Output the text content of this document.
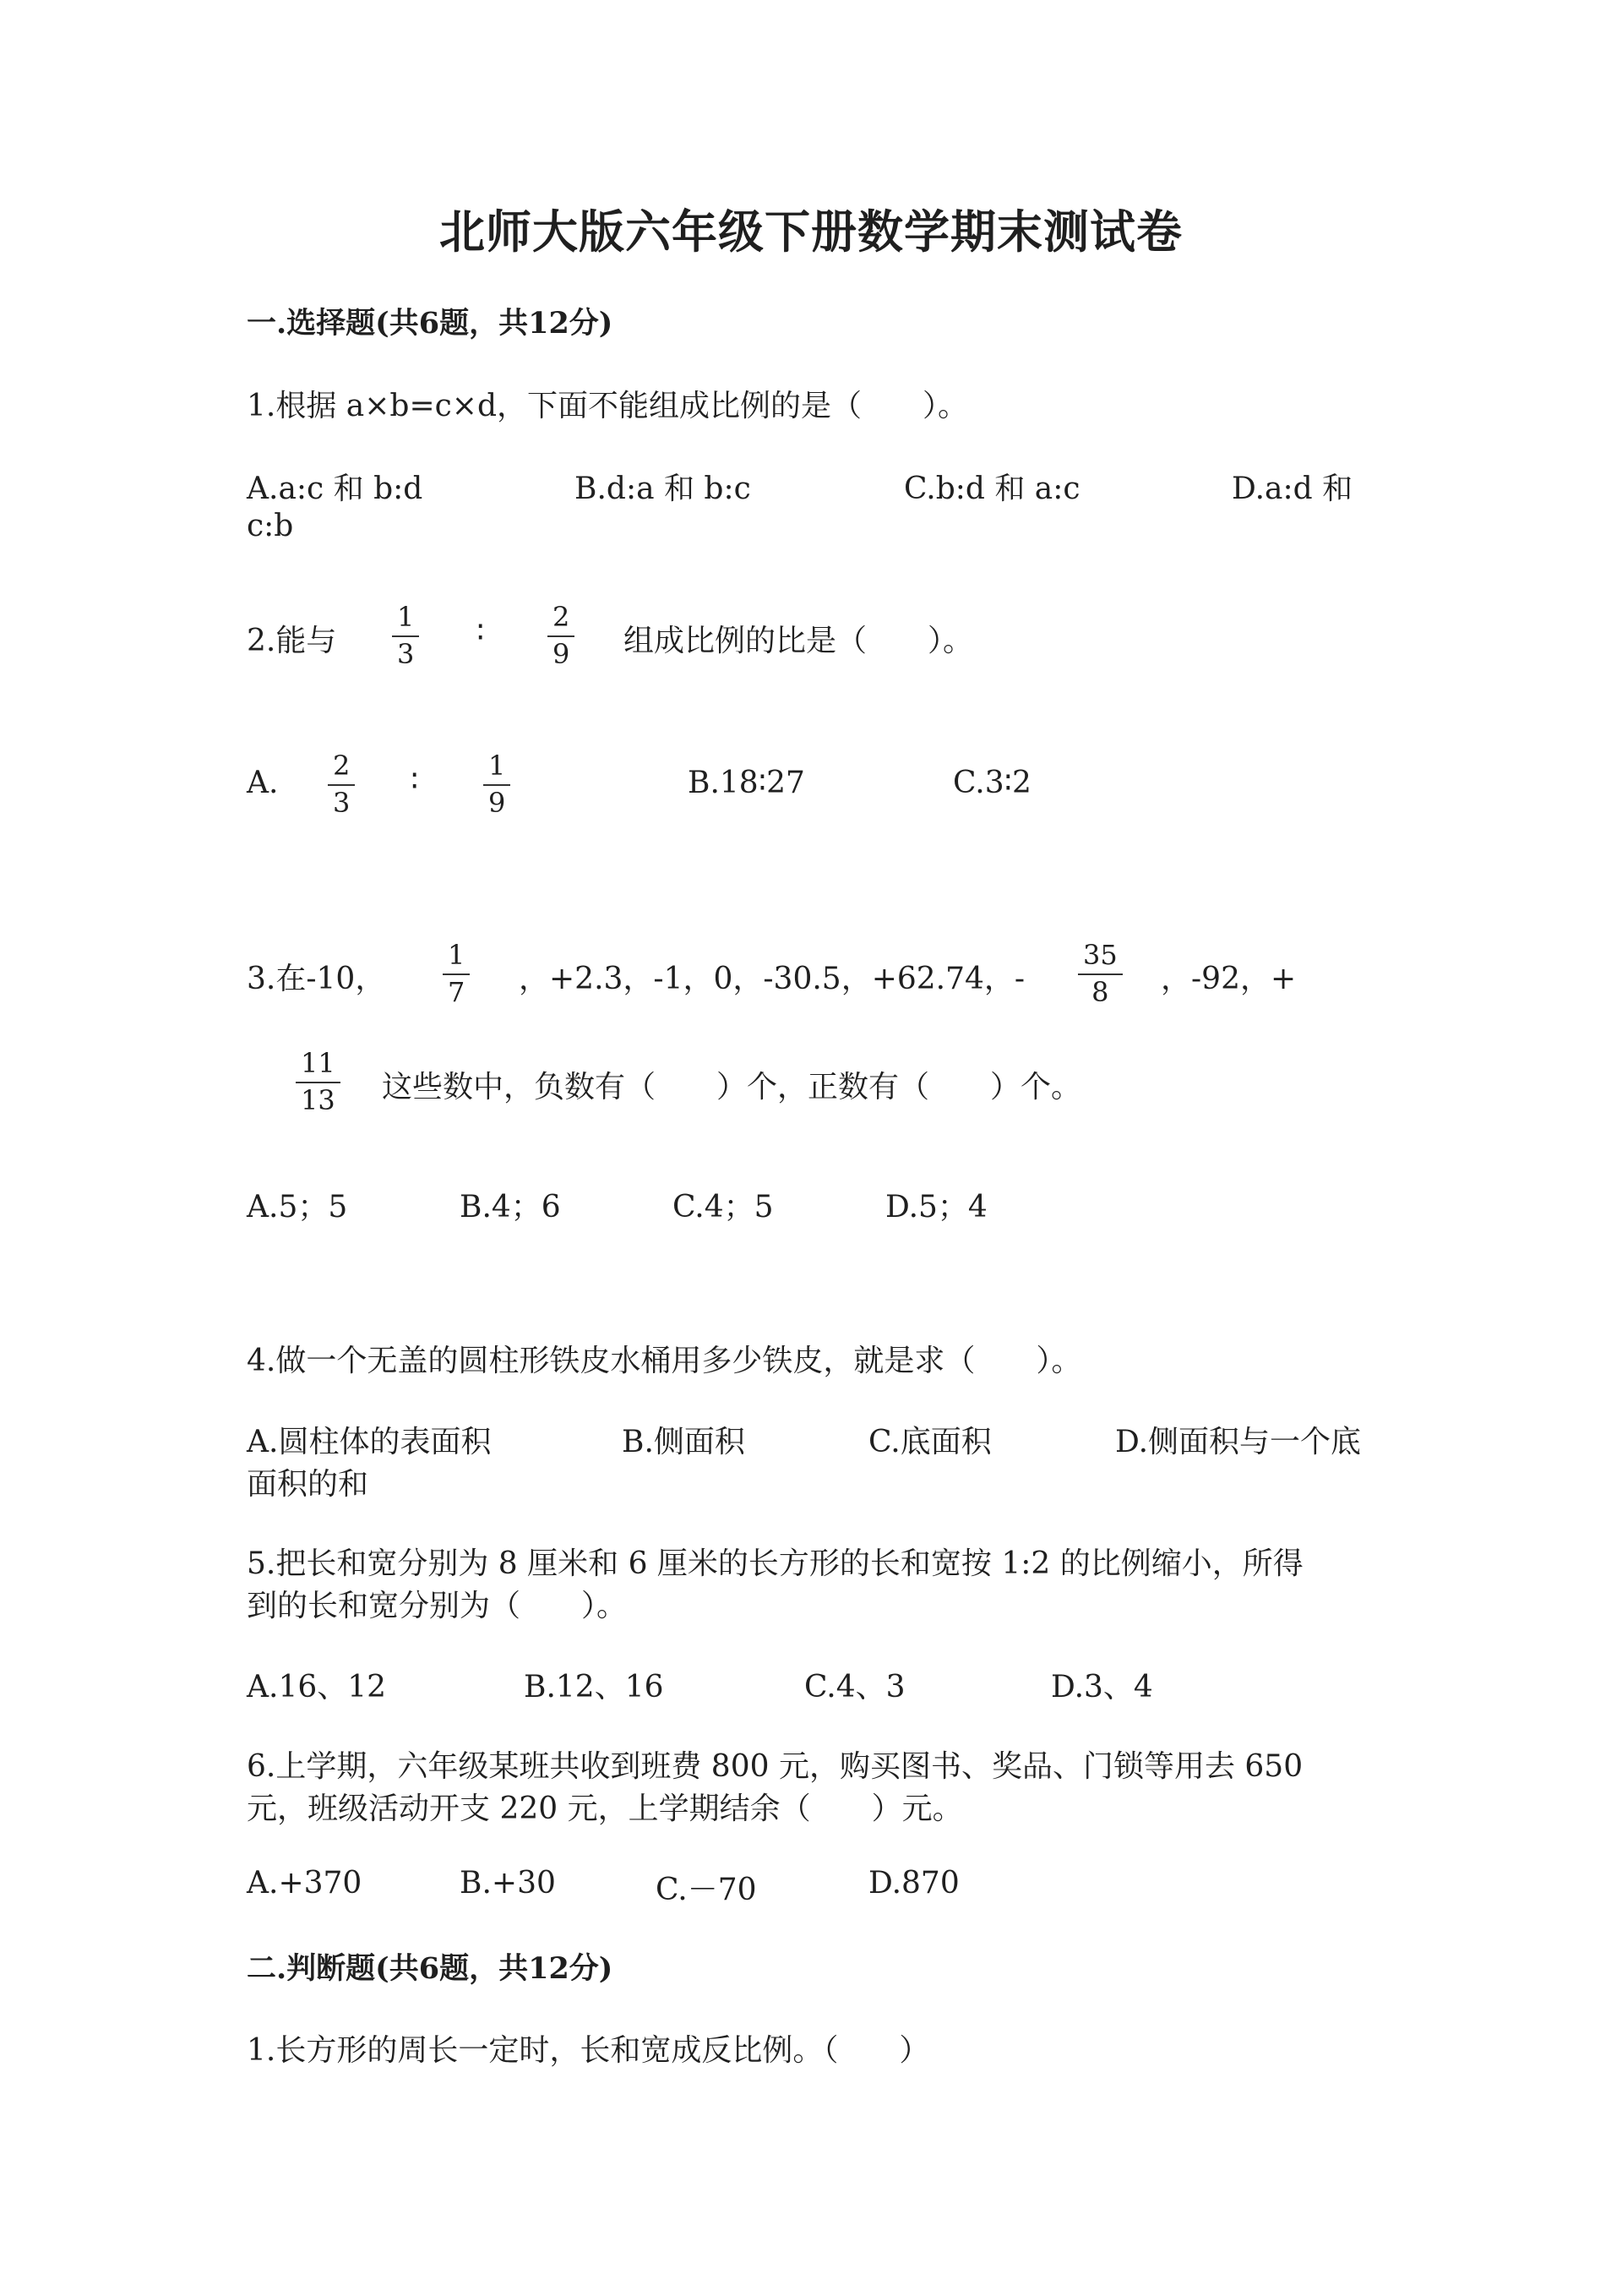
北师大版六年级下册数学期末测试卷
一.选择题(共6题，共12分)
1.根据 a×b=c×d，下面不能组成比例的是（　　）。
A.a:c 和 b:d	B.d:a 和 b:c	C.b:d 和 a:c	D.a:d 和
c:b
2.能与 $\frac{1}{3}$ ∶ $\frac{2}{9}$ 组成比例的比是（　　）。
A. $\frac{2}{3}$ ∶ $\frac{1}{9}$	B.18∶27	C.3∶2
3.在-10， $\frac{1}{7}$ ，+2.3，-1，0，-30.5，+62.74，- $\frac{35}{8}$ ，-92，+
$\frac{11}{13}$ 这些数中，负数有（　　）个，正数有（　　）个。
A.5；5	B.4；6	C.4；5	D.5；4
4.做一个无盖的圆柱形铁皮水桶用多少铁皮，就是求（　　）。
A.圆柱体的表面积	B.侧面积	C.底面积	D.侧面积与一个底
面积的和
5.把长和宽分别为 8 厘米和 6 厘米的长方形的长和宽按 1:2 的比例缩小，所得
到的长和宽分别为（　　）。
A.16、12	B.12、16	C.4、3	D.3、4
6.上学期，六年级某班共收到班费 800 元，购买图书、奖品、门锁等用去 650
元，班级活动开支 220 元，上学期结余（　　）元。
A.+370	B.+30	C.－70	D.870
二.判断题(共6题，共12分)
1.长方形的周长一定时，长和宽成反比例。（　　）
